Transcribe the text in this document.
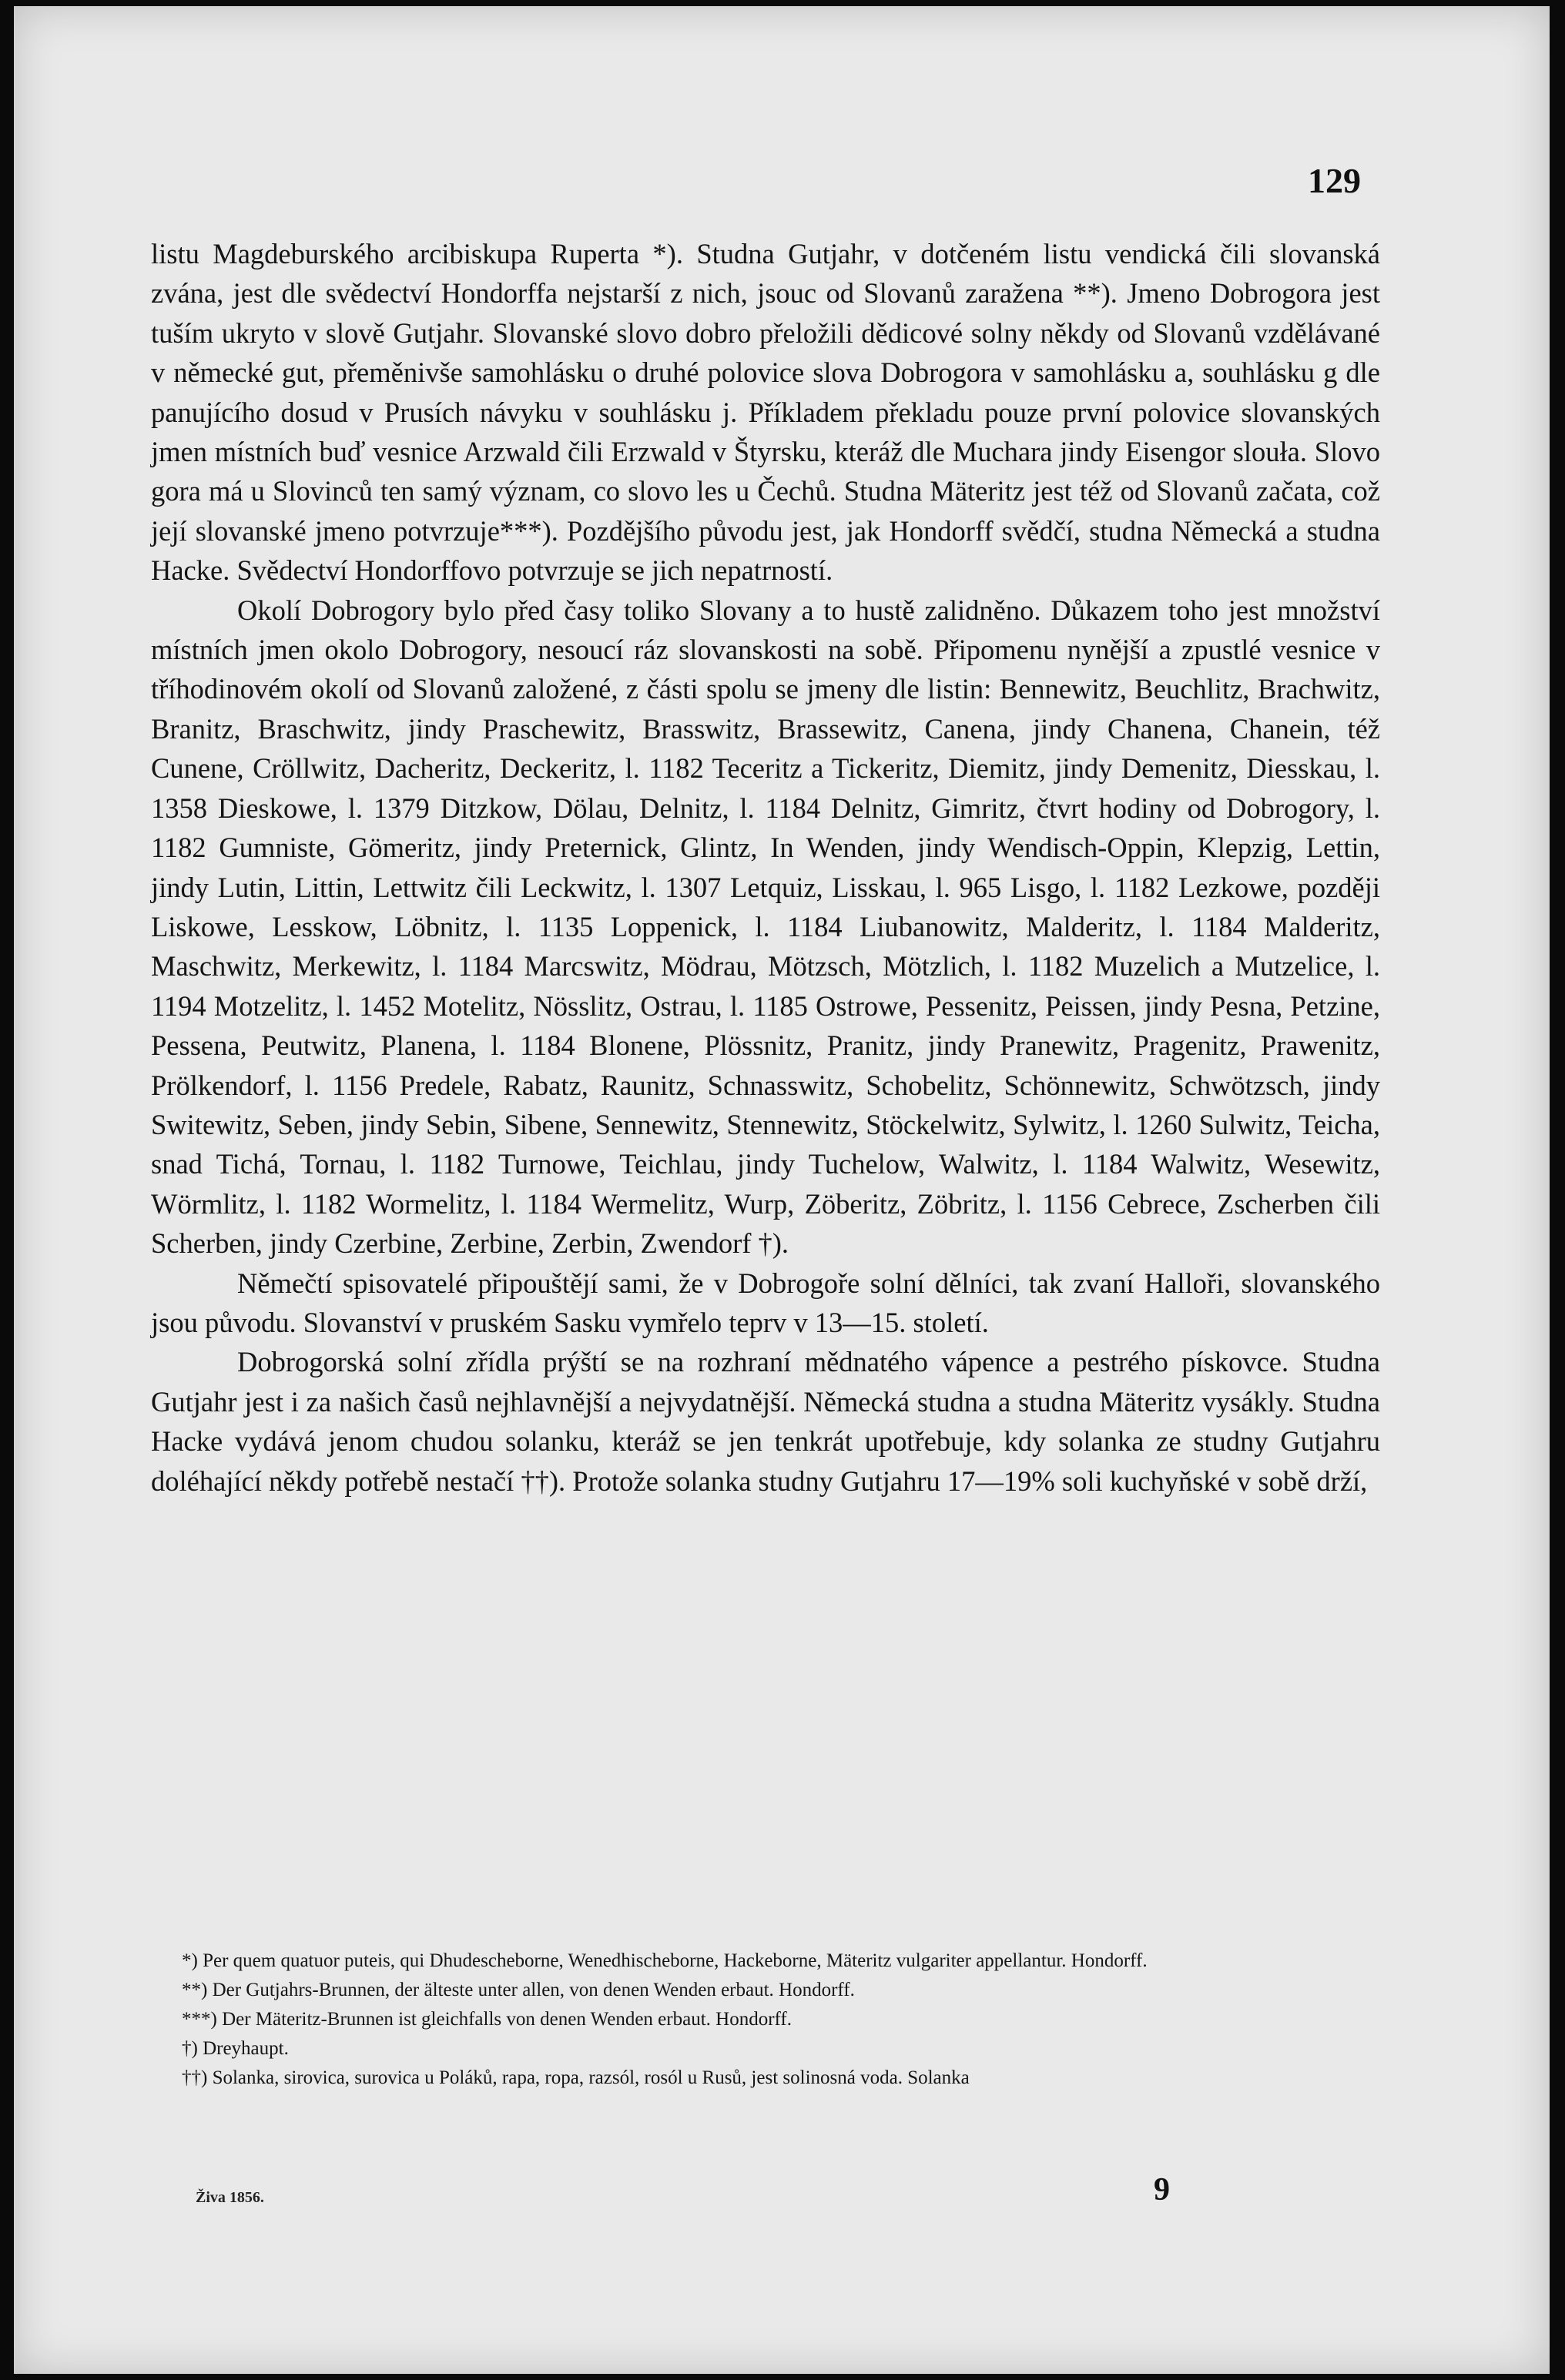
129

listu Magdeburského arcibiskupa Ruperta *). Studna Gutjahr, v dotčeném listu vendická čili slovanská zvána, jest dle svědectví Hondorffa nejstarší z nich, jsouc od Slovanů zaražena **). Jmeno Dobrogora jest tuším ukryto v slově Gutjahr. Slovanské slovo dobro přeložili dědicové solny někdy od Slovanů vzdělávané v německé gut, přeměnivše samohlásku o druhé polovice slova Dobrogora v samohlásku a, souhlásku g dle panujícího dosud v Prusích návyku v souhlásku j. Příkladem překladu pouze první polovice slovanských jmen místních buď vesnice Arzwald čili Erzwald v Štyrsku, kteráž dle Muchara jindy Eisengor slouła. Slovo gora má u Slovinců ten samý význam, co slovo les u Čechů. Studna Mäteritz jest též od Slovanů začata, což její slovanské jmeno potvrzuje***). Pozdějšího původu jest, jak Hondorff svědčí, studna Německá a studna Hacke. Svědectví Hondorffovo potvrzuje se jich nepatrností.

Okolí Dobrogory bylo před časy toliko Slovany a to hustě zalidněno. Důkazem toho jest množství místních jmen okolo Dobrogory, nesoucí ráz slovanskosti na sobě. Připomenu nynější a zpustlé vesnice v tříhodinovém okolí od Slovanů založené, z části spolu se jmeny dle listin: Bennewitz, Beuchlitz, Brachwitz, Branitz, Braschwitz, jindy Praschewitz, Brasswitz, Brassewitz, Canena, jindy Chanena, Chanein, též Cunene, Cröllwitz, Dacheritz, Deckeritz, l. 1182 Teceritz a Tickeritz, Diemitz, jindy Demenitz, Diesskau, l. 1358 Dieskowe, l. 1379 Ditzkow, Dölau, Delnitz, l. 1184 Delnitz, Gimritz, čtvrt hodiny od Dobrogory, l. 1182 Gumniste, Gömeritz, jindy Preternick, Glintz, In Wenden, jindy Wendisch-Oppin, Klepzig, Lettin, jindy Lutin, Littin, Lettwitz čili Leckwitz, l. 1307 Letquiz, Lisskau, l. 965 Lisgo, l. 1182 Lezkowe, později Liskowe, Lesskow, Löbnitz, l. 1135 Loppenick, l. 1184 Liubanowitz, Malderitz, l. 1184 Malderitz, Maschwitz, Merkewitz, l. 1184 Marcswitz, Mödrau, Mötzsch, Mötzlich, l. 1182 Muzelich a Mutzelice, l. 1194 Motzelitz, l. 1452 Motelitz, Nösslitz, Ostrau, l. 1185 Ostrowe, Pessenitz, Peissen, jindy Pesna, Petzine, Pessena, Peutwitz, Planena, l. 1184 Blonene, Plössnitz, Pranitz, jindy Pranewitz, Pragenitz, Prawenitz, Prölkendorf, l. 1156 Predele, Rabatz, Raunitz, Schnasswitz, Schobelitz, Schönnewitz, Schwötzsch, jindy Switewitz, Seben, jindy Sebin, Sibene, Sennewitz, Stennewitz, Stöckelwitz, Sylwitz, l. 1260 Sulwitz, Teicha, snad Tichá, Tornau, l. 1182 Turnowe, Teichlau, jindy Tuchelow, Walwitz, l. 1184 Walwitz, Wesewitz, Wörmlitz, l. 1182 Wormelitz, l. 1184 Wermelitz, Wurp, Zöberitz, Zöbritz, l. 1156 Cebrece, Zscherben čili Scherben, jindy Czerbine, Zerbine, Zerbin, Zwendorf †).

Němečtí spisovatelé připouštějí sami, že v Dobrogoře solní dělníci, tak zvaní Halloři, slovanského jsou původu. Slovanství v pruském Sasku vymřelo teprv v 13—15. století.

Dobrogorská solní zřídla prýští se na rozhraní mědnatého vápence a pestrého pískovce. Studna Gutjahr jest i za našich časů nejhlavnější a nejvydatnější. Německá studna a studna Mäteritz vysákly. Studna Hacke vydává jenom chudou solanku, kteráž se jen tenkrát upotřebuje, kdy solanka ze studny Gutjahru doléhající někdy potřebě nestačí ††). Protože solanka studny Gutjahru 17—19% soli kuchyňské v sobě drží,

*) Per quem quatuor puteis, qui Dhudescheborne, Wenedhischeborne, Hackeborne, Mäteritz vulgariter appellantur. Hondorff.

**) Der Gutjahrs-Brunnen, der älteste unter allen, von denen Wenden erbaut. Hondorff.

***) Der Mäteritz-Brunnen ist gleichfalls von denen Wenden erbaut. Hondorff.

†) Dreyhaupt.

††) Solanka, sirovica, surovica u Poláků, rapa, ropa, razsól, rosól u Rusů, jest solinosná voda. Solanka

Živa 1856.	9
